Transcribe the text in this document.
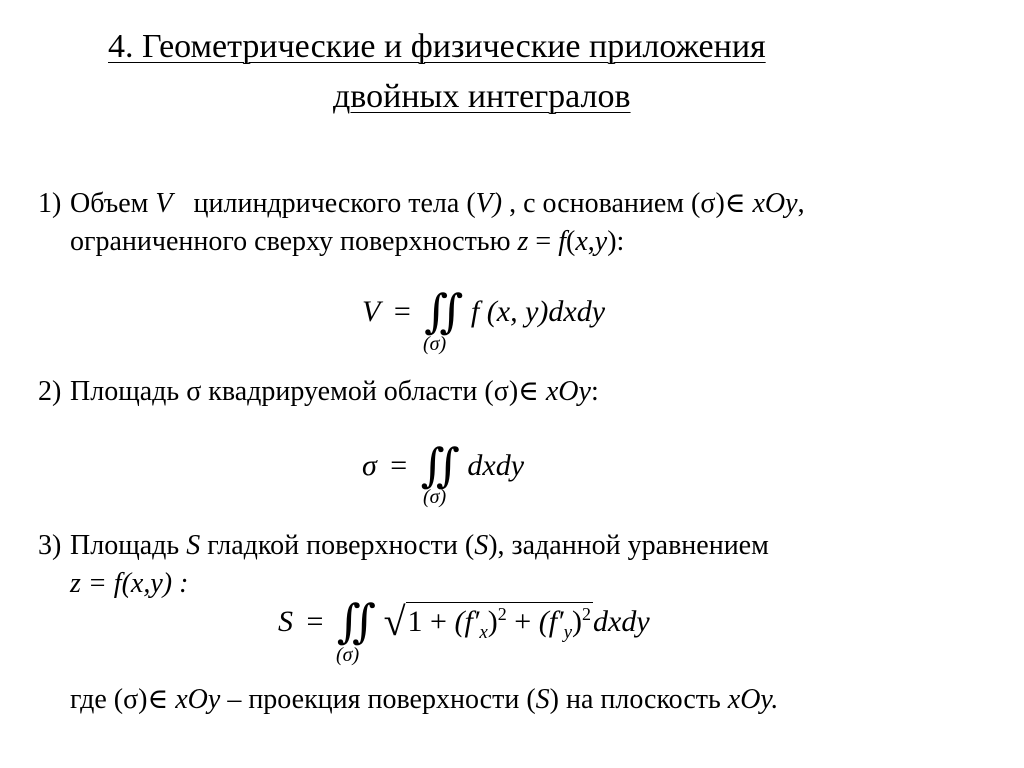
4. Геометрические и физические приложения
двойных интегралов
1) Объем V цилиндрического тела (V) , с основанием (σ)∈ xOy,
ограниченного сверху поверхностью z = f(x,y):
V = ∬ f (x, y)dxdy
(σ)
2) Площадь σ квадрируемой области (σ)∈ xOy:
σ = ∬ dxdy
(σ)
3) Площадь S гладкой поверхности (S), заданной уравнением
z = f(x,y) :
S = ∬ $√1 + (f'_x)^2$ + $(f'_y)^2dxdy$
(σ)
где (σ)∈ xOy – проекция поверхности (S) на плоскость xOy.
